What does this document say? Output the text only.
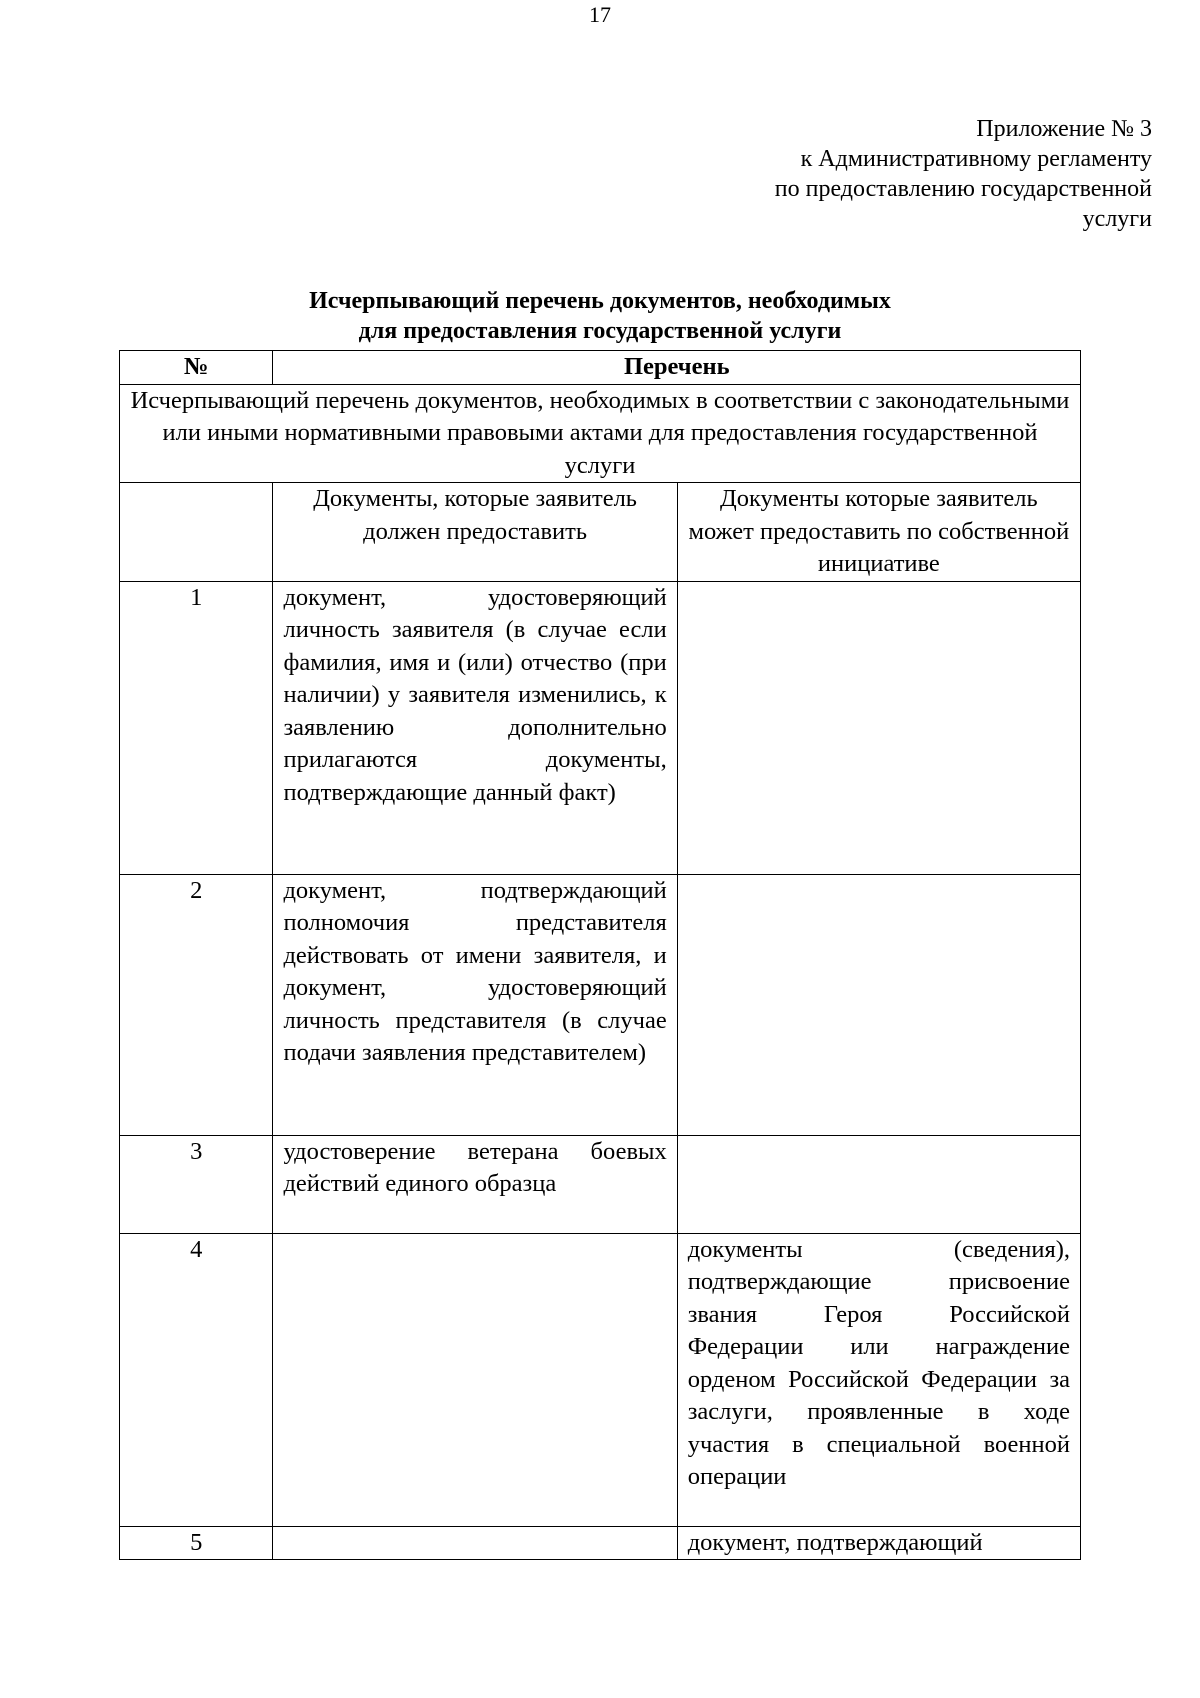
17
Приложение № 3
к Административному регламенту
по предоставлению государственной
услуги
Исчерпывающий перечень документов, необходимых
для предоставления государственной услуги
№	Перечень	
Исчерпывающий перечень документов, необходимых в соответствии с законодательными или иными нормативными правовыми актами для предоставления государственной услуги		
	Документы, которые заявитель должен предоставить	Документы которые заявитель может предоставить по собственной инициативе
1	документ, удостоверяющий личность заявителя (в случае если фамилия, имя и (или) отчество (при наличии) у заявителя изменились, к заявлению дополнительно прилагаются документы, подтверждающие данный факт)	
2	документ, подтверждающий полномочия представителя действовать от имени заявителя, и документ, удостоверяющий личность представителя (в случае подачи заявления представителем)	
3	удостоверение ветерана боевых действий единого образца	
4		документы (сведения), подтверждающие присвоение звания Героя Российской Федерации или награждение орденом Российской Федерации за заслуги, проявленные в ходе участия в специальной военной операции
5		документ, подтверждающий
